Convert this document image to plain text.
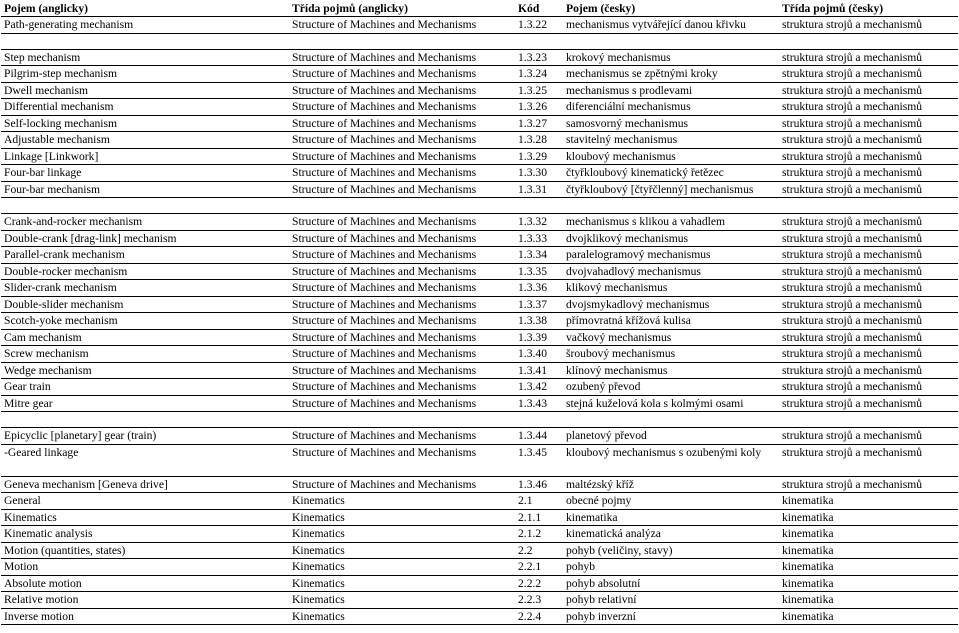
Pojem (anglicky)	Třída pojmů (anglicky)	Kód	Pojem (česky)	Třída pojmů (česky)
Path-generating mechanism	Structure of Machines and Mechanisms	1.3.22	mechanismus vytvářející danou křivku	struktura strojů a mechanismů

Step mechanism	Structure of Machines and Mechanisms	1.3.23	krokový mechanismus	struktura strojů a mechanismů
Pilgrim-step mechanism	Structure of Machines and Mechanisms	1.3.24	mechanismus se zpětnými kroky	struktura strojů a mechanismů
Dwell mechanism	Structure of Machines and Mechanisms	1.3.25	mechanismus s prodlevami	struktura strojů a mechanismů
Differential mechanism	Structure of Machines and Mechanisms	1.3.26	diferenciální mechanismus	struktura strojů a mechanismů
Self-locking mechanism	Structure of Machines and Mechanisms	1.3.27	samosvorný mechanismus	struktura strojů a mechanismů
Adjustable mechanism	Structure of Machines and Mechanisms	1.3.28	stavitelný mechanismus	struktura strojů a mechanismů
Linkage [Linkwork]	Structure of Machines and Mechanisms	1.3.29	kloubový mechanismus	struktura strojů a mechanismů
Four-bar linkage	Structure of Machines and Mechanisms	1.3.30	čtyřkloubový kinematický řetězec	struktura strojů a mechanismů
Four-bar mechanism	Structure of Machines and Mechanisms	1.3.31	čtyřkloubový [čtyřčlenný] mechanismus	struktura strojů a mechanismů

Crank-and-rocker mechanism	Structure of Machines and Mechanisms	1.3.32	mechanismus s klikou a vahadlem	struktura strojů a mechanismů
Double-crank [drag-link] mechanism	Structure of Machines and Mechanisms	1.3.33	dvojklikový mechanismus	struktura strojů a mechanismů
Parallel-crank mechanism	Structure of Machines and Mechanisms	1.3.34	paralelogramový mechanismus	struktura strojů a mechanismů
Double-rocker mechanism	Structure of Machines and Mechanisms	1.3.35	dvojvahadlový mechanismus	struktura strojů a mechanismů
Slider-crank mechanism	Structure of Machines and Mechanisms	1.3.36	klikový mechanismus	struktura strojů a mechanismů
Double-slider mechanism	Structure of Machines and Mechanisms	1.3.37	dvojsmykadlový mechanismus	struktura strojů a mechanismů
Scotch-yoke mechanism	Structure of Machines and Mechanisms	1.3.38	přímovratná křížová kulisa	struktura strojů a mechanismů
Cam mechanism	Structure of Machines and Mechanisms	1.3.39	vačkový mechanismus	struktura strojů a mechanismů
Screw mechanism	Structure of Machines and Mechanisms	1.3.40	šroubový mechanismus	struktura strojů a mechanismů
Wedge mechanism	Structure of Machines and Mechanisms	1.3.41	klínový mechanismus	struktura strojů a mechanismů
Gear train	Structure of Machines and Mechanisms	1.3.42	ozubený převod	struktura strojů a mechanismů
Mitre gear	Structure of Machines and Mechanisms	1.3.43	stejná kuželová kola s kolmými osami	struktura strojů a mechanismů

Epicyclic [planetary] gear (train)	Structure of Machines and Mechanisms	1.3.44	planetový převod	struktura strojů a mechanismů
-Geared linkage	Structure of Machines and Mechanisms	1.3.45	kloubový mechanismus s ozubenými koly	struktura strojů a mechanismů
Geneva mechanism [Geneva drive]	Structure of Machines and Mechanisms	1.3.46	maltézský kříž	struktura strojů a mechanismů
General	Kinematics	2.1	obecné pojmy	kinematika
Kinematics	Kinematics	2.1.1	kinematika	kinematika
Kinematic analysis	Kinematics	2.1.2	kinematická analýza	kinematika
Motion (quantities, states)	Kinematics	2.2	pohyb (veličiny, stavy)	kinematika
Motion	Kinematics	2.2.1	pohyb	kinematika
Absolute motion	Kinematics	2.2.2	pohyb absolutní	kinematika
Relative motion	Kinematics	2.2.3	pohyb relativní	kinematika
Inverse motion	Kinematics	2.2.4	pohyb inverzní	kinematika
